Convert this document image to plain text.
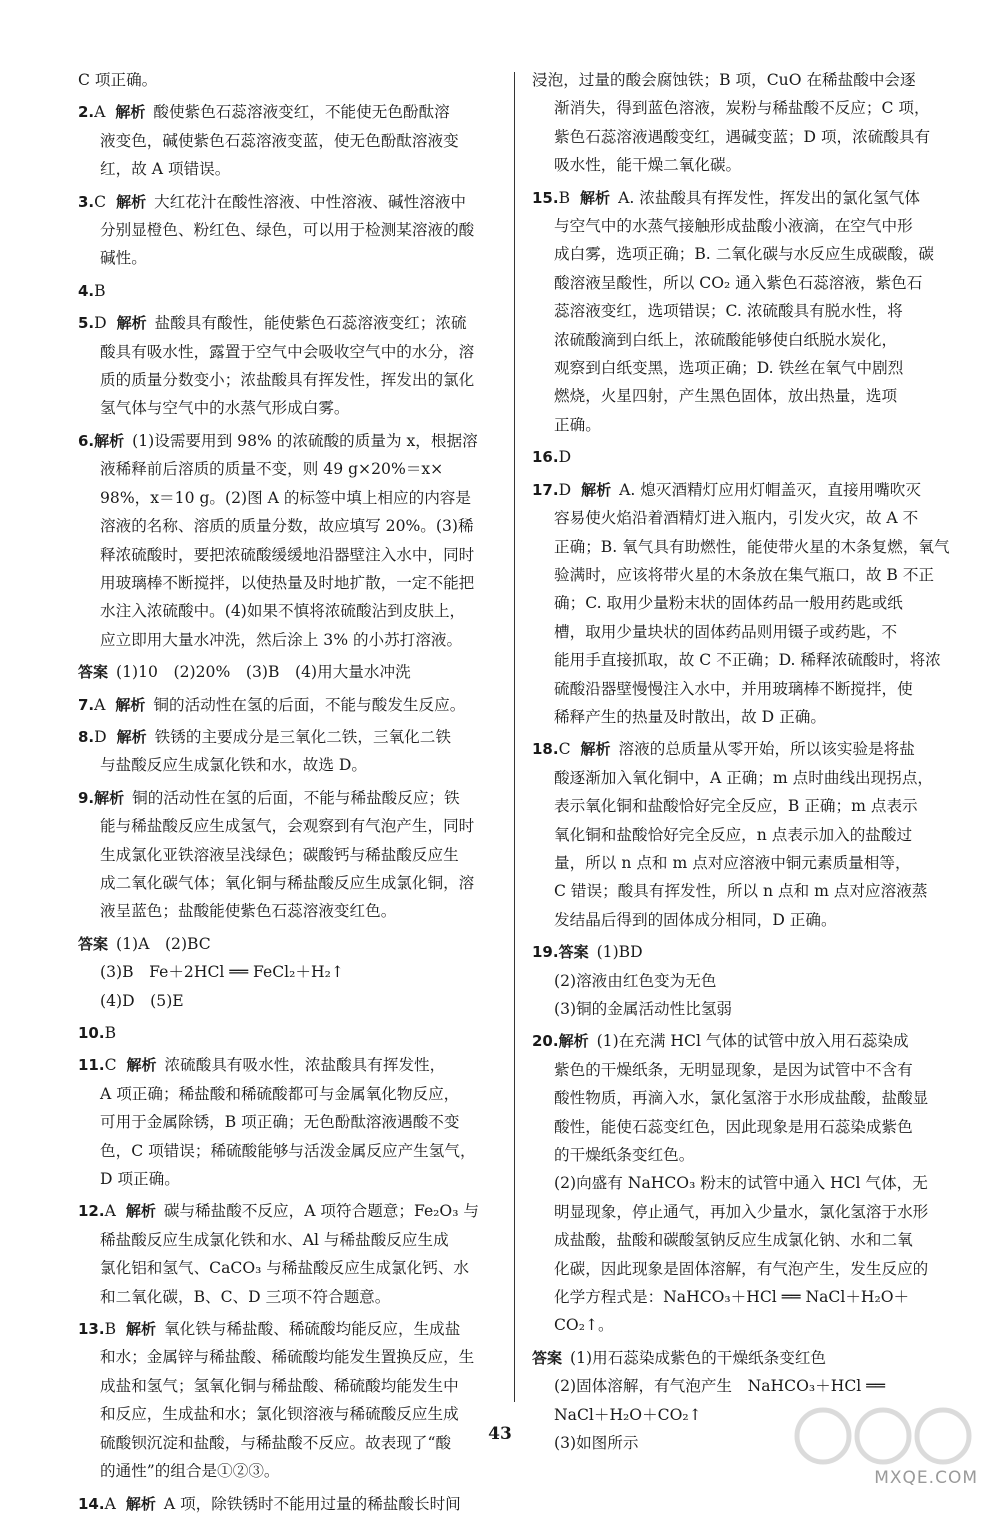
C 项正确。
2.A 解析 酸使紫色石蕊溶液变红，不能使无色酚酞溶
液变色，碱使紫色石蕊溶液变蓝，使无色酚酞溶液变
红，故 A 项错误。
3.C 解析 大红花汁在酸性溶液、中性溶液、碱性溶液中
分别显橙色、粉红色、绿色，可以用于检测某溶液的酸
碱性。
4.B
5.D 解析 盐酸具有酸性，能使紫色石蕊溶液变红；浓硫
酸具有吸水性，露置于空气中会吸收空气中的水分，溶
质的质量分数变小；浓盐酸具有挥发性，挥发出的氯化
氢气体与空气中的水蒸气形成白雾。
6.解析 (1)设需要用到 98% 的浓硫酸的质量为 x，根据溶
液稀释前后溶质的质量不变，则 49 g×20%＝x×
98%，x＝10 g。(2)图 A 的标签中填上相应的内容是
溶液的名称、溶质的质量分数，故应填写 20%。(3)稀
释浓硫酸时，要把浓硫酸缓缓地沿器壁注入水中，同时
用玻璃棒不断搅拌，以使热量及时地扩散，一定不能把
水注入浓硫酸中。(4)如果不慎将浓硫酸沾到皮肤上，
应立即用大量水冲洗，然后涂上 3% 的小苏打溶液。
答案 (1)10　(2)20%　(3)B　(4)用大量水冲洗
7.A 解析 铜的活动性在氢的后面，不能与酸发生反应。
8.D 解析 铁锈的主要成分是三氧化二铁，三氧化二铁
与盐酸反应生成氯化铁和水，故选 D。
9.解析 铜的活动性在氢的后面，不能与稀盐酸反应；铁
能与稀盐酸反应生成氢气，会观察到有气泡产生，同时
生成氯化亚铁溶液呈浅绿色；碳酸钙与稀盐酸反应生
成二氧化碳气体；氧化铜与稀盐酸反应生成氯化铜，溶
液呈蓝色；盐酸能使紫色石蕊溶液变红色。
答案 (1)A　(2)BC
(3)B　Fe＋2HCl ══ FeCl₂＋H₂↑
(4)D　(5)E
10.B
11.C 解析 浓硫酸具有吸水性，浓盐酸具有挥发性，
A 项正确；稀盐酸和稀硫酸都可与金属氧化物反应，
可用于金属除锈，B 项正确；无色酚酞溶液遇酸不变
色，C 项错误；稀硫酸能够与活泼金属反应产生氢气，
D 项正确。
12.A 解析 碳与稀盐酸不反应，A 项符合题意；Fe₂O₃ 与
稀盐酸反应生成氯化铁和水、Al 与稀盐酸反应生成
氯化铝和氢气、CaCO₃ 与稀盐酸反应生成氯化钙、水
和二氧化碳，B、C、D 三项不符合题意。
13.B 解析 氧化铁与稀盐酸、稀硫酸均能反应，生成盐
和水；金属锌与稀盐酸、稀硫酸均能发生置换反应，生
成盐和氢气；氢氧化铜与稀盐酸、稀硫酸均能发生中
和反应，生成盐和水；氯化钡溶液与稀硫酸反应生成
硫酸钡沉淀和盐酸，与稀盐酸不反应。故表现了“酸
的通性”的组合是①②③。
14.A 解析 A 项，除铁锈时不能用过量的稀盐酸长时间
浸泡，过量的酸会腐蚀铁；B 项，CuO 在稀盐酸中会逐
渐消失，得到蓝色溶液，炭粉与稀盐酸不反应；C 项，
紫色石蕊溶液遇酸变红，遇碱变蓝；D 项，浓硫酸具有
吸水性，能干燥二氧化碳。
15.B 解析 A. 浓盐酸具有挥发性，挥发出的氯化氢气体
与空气中的水蒸气接触形成盐酸小液滴，在空气中形
成白雾，选项正确；B. 二氧化碳与水反应生成碳酸，碳
酸溶液呈酸性，所以 CO₂ 通入紫色石蕊溶液，紫色石
蕊溶液变红，选项错误；C. 浓硫酸具有脱水性，将
浓硫酸滴到白纸上，浓硫酸能够使白纸脱水炭化，
观察到白纸变黑，选项正确；D. 铁丝在氧气中剧烈
燃烧，火星四射，产生黑色固体，放出热量，选项
正确。
16.D
17.D 解析 A. 熄灭酒精灯应用灯帽盖灭，直接用嘴吹灭
容易使火焰沿着酒精灯进入瓶内，引发火灾，故 A 不
正确；B. 氧气具有助燃性，能使带火星的木条复燃，氧气
验满时，应该将带火星的木条放在集气瓶口，故 B 不正
确；C. 取用少量粉末状的固体药品一般用药匙或纸
槽，取用少量块状的固体药品则用镊子或药匙，不
能用手直接抓取，故 C 不正确；D. 稀释浓硫酸时，将浓
硫酸沿器壁慢慢注入水中，并用玻璃棒不断搅拌，使
稀释产生的热量及时散出，故 D 正确。
18.C 解析 溶液的总质量从零开始，所以该实验是将盐
酸逐渐加入氧化铜中，A 正确；m 点时曲线出现拐点，
表示氧化铜和盐酸恰好完全反应，B 正确；m 点表示
氧化铜和盐酸恰好完全反应，n 点表示加入的盐酸过
量，所以 n 点和 m 点对应溶液中铜元素质量相等，
C 错误；酸具有挥发性，所以 n 点和 m 点对应溶液蒸
发结晶后得到的固体成分相同，D 正确。
19.答案 (1)BD
(2)溶液由红色变为无色
(3)铜的金属活动性比氢弱
20.解析 (1)在充满 HCl 气体的试管中放入用石蕊染成
紫色的干燥纸条，无明显现象，是因为试管中不含有
酸性物质，再滴入水，氯化氢溶于水形成盐酸，盐酸显
酸性，能使石蕊变红色，因此现象是用石蕊染成紫色
的干燥纸条变红色。
(2)向盛有 NaHCO₃ 粉末的试管中通入 HCl 气体，无
明显现象，停止通气，再加入少量水，氯化氢溶于水形
成盐酸，盐酸和碳酸氢钠反应生成氯化钠、水和二氧
化碳，因此现象是固体溶解，有气泡产生，发生反应的
化学方程式是：NaHCO₃＋HCl ══ NaCl＋H₂O＋
CO₂↑。
答案 (1)用石蕊染成紫色的干燥纸条变红色
(2)固体溶解，有气泡产生　NaHCO₃＋HCl ══
NaCl＋H₂O＋CO₂↑
(3)如图所示
43
MXQE.COM
